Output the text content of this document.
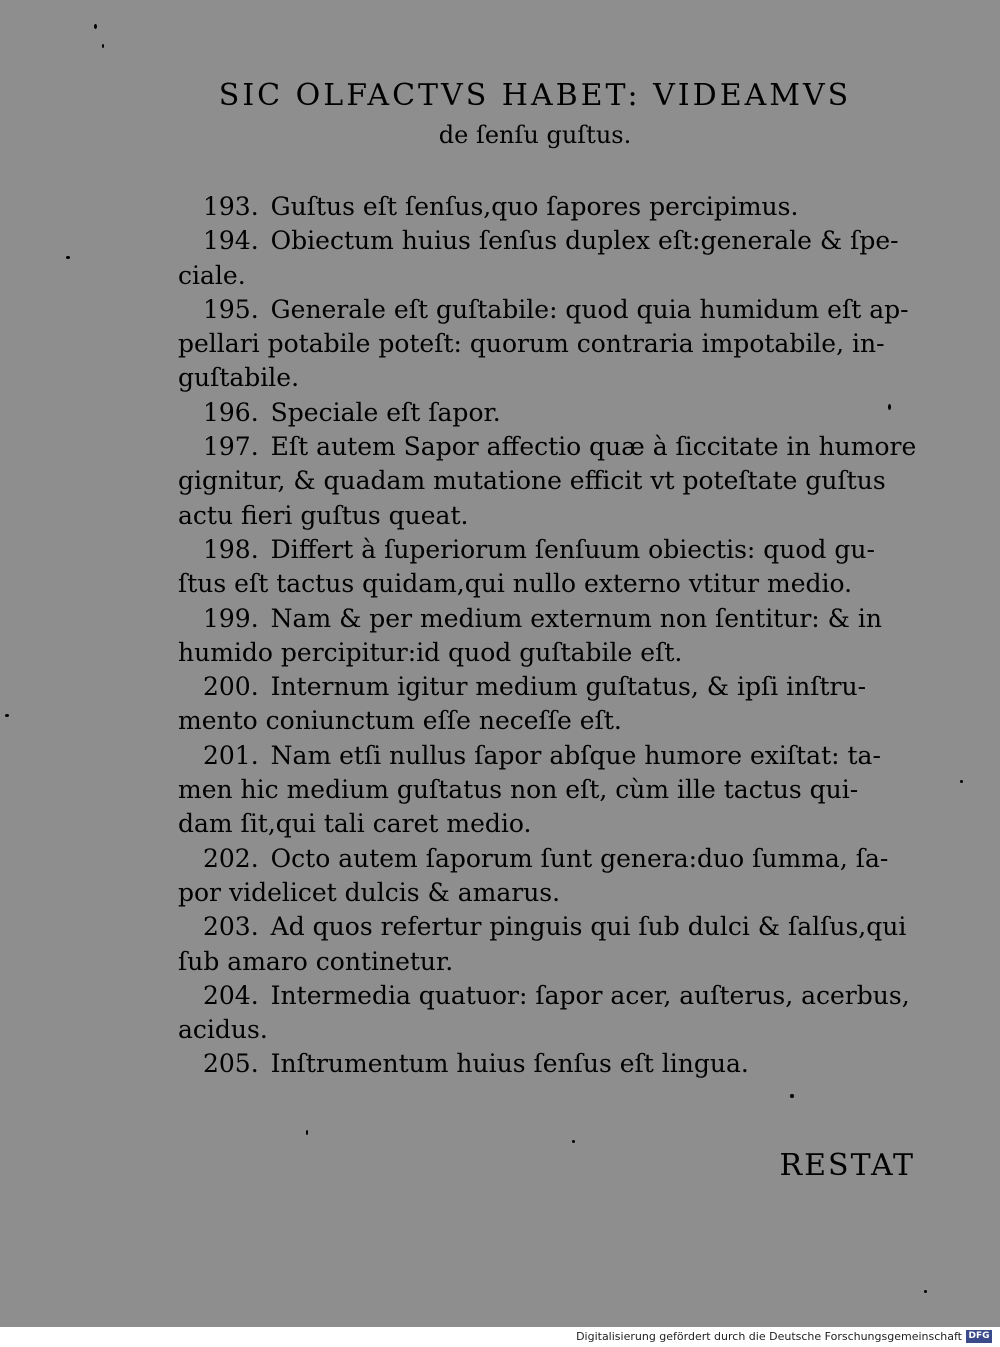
SIC OLFACTVS HABET: VIDEAMVS

de ſenſu guſtus.

193. Guſtus eſt ſenſus,quo ſapores percipimus.

194. Obiectum huius ſenſus duplex eſt:generale & ſpe-

ciale.

195. Generale eſt guſtabile: quod quia humidum eſt ap-

pellari potabile poteſt: quorum contraria impotabile, in-

guſtabile.

196. Speciale eſt ſapor.

197. Eſt autem Sapor affectio quæ à ſiccitate in humore

gignitur, & quadam mutatione efficit vt poteſtate guſtus

actu fieri guſtus queat.

198. Differt à ſuperiorum ſenſuum obiectis: quod gu-

ſtus eſt tactus quidam,qui nullo externo vtitur medio.

199. Nam & per medium externum non ſentitur: & in

humido percipitur:id quod guſtabile eſt.

200. Internum igitur medium guſtatus, & ipſi inſtru-

mento coniunctum eſſe neceſſe eſt.

201. Nam etſi nullus ſapor abſque humore exiſtat: ta-

men hic medium guſtatus non eſt, cùm ille tactus qui-

dam ſit,qui tali caret medio.

202. Octo autem ſaporum ſunt genera:duo ſumma, ſa-

por videlicet dulcis & amarus.

203. Ad quos refertur pinguis qui ſub dulci & ſalſus,qui

ſub amaro continetur.

204. Intermedia quatuor: ſapor acer, auſterus, acerbus,

acidus.

205. Inſtrumentum huius ſenſus eſt lingua.

RESTAT
Digitalisierung gefördert durch die Deutsche Forschungsgemeinschaft DFG
